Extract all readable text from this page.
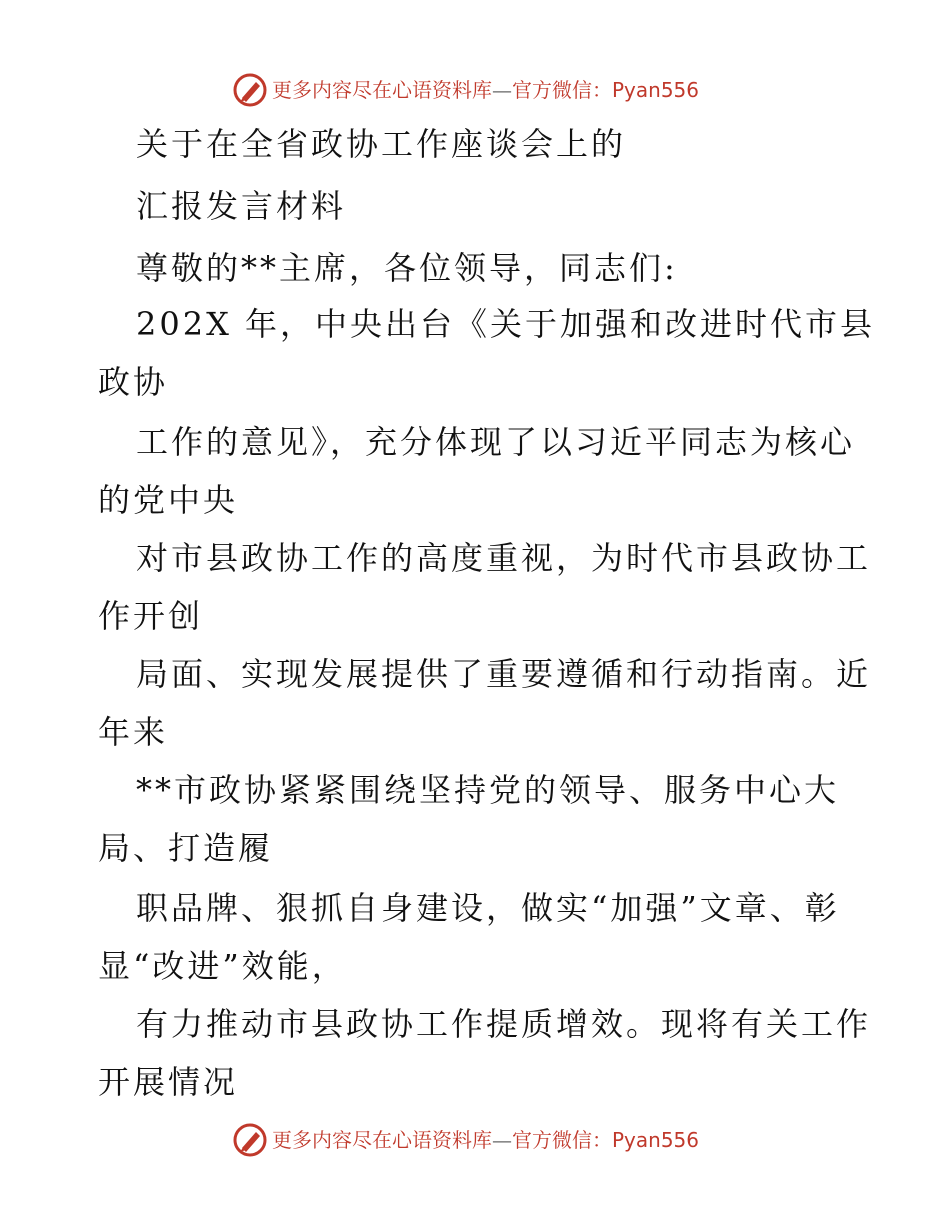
更多内容尽在心语资料库—官方微信：Pyan556
关于在全省政协工作座谈会上的
汇报发言材料
尊敬的**主席，各位领导，同志们:
202X 年，中央出台《关于加强和改进时代市县
政协
工作的意见》，充分体现了以习近平同志为核心
的党中央
对市县政协工作的高度重视，为时代市县政协工
作开创
局面、实现发展提供了重要遵循和行动指南。近
年来
**市政协紧紧围绕坚持党的领导、服务中心大
局、打造履
职品牌、狠抓自身建设，做实“加强”文章、彰
显“改进”效能，
有力推动市县政协工作提质增效。现将有关工作
开展情况
更多内容尽在心语资料库—官方微信：Pyan556
